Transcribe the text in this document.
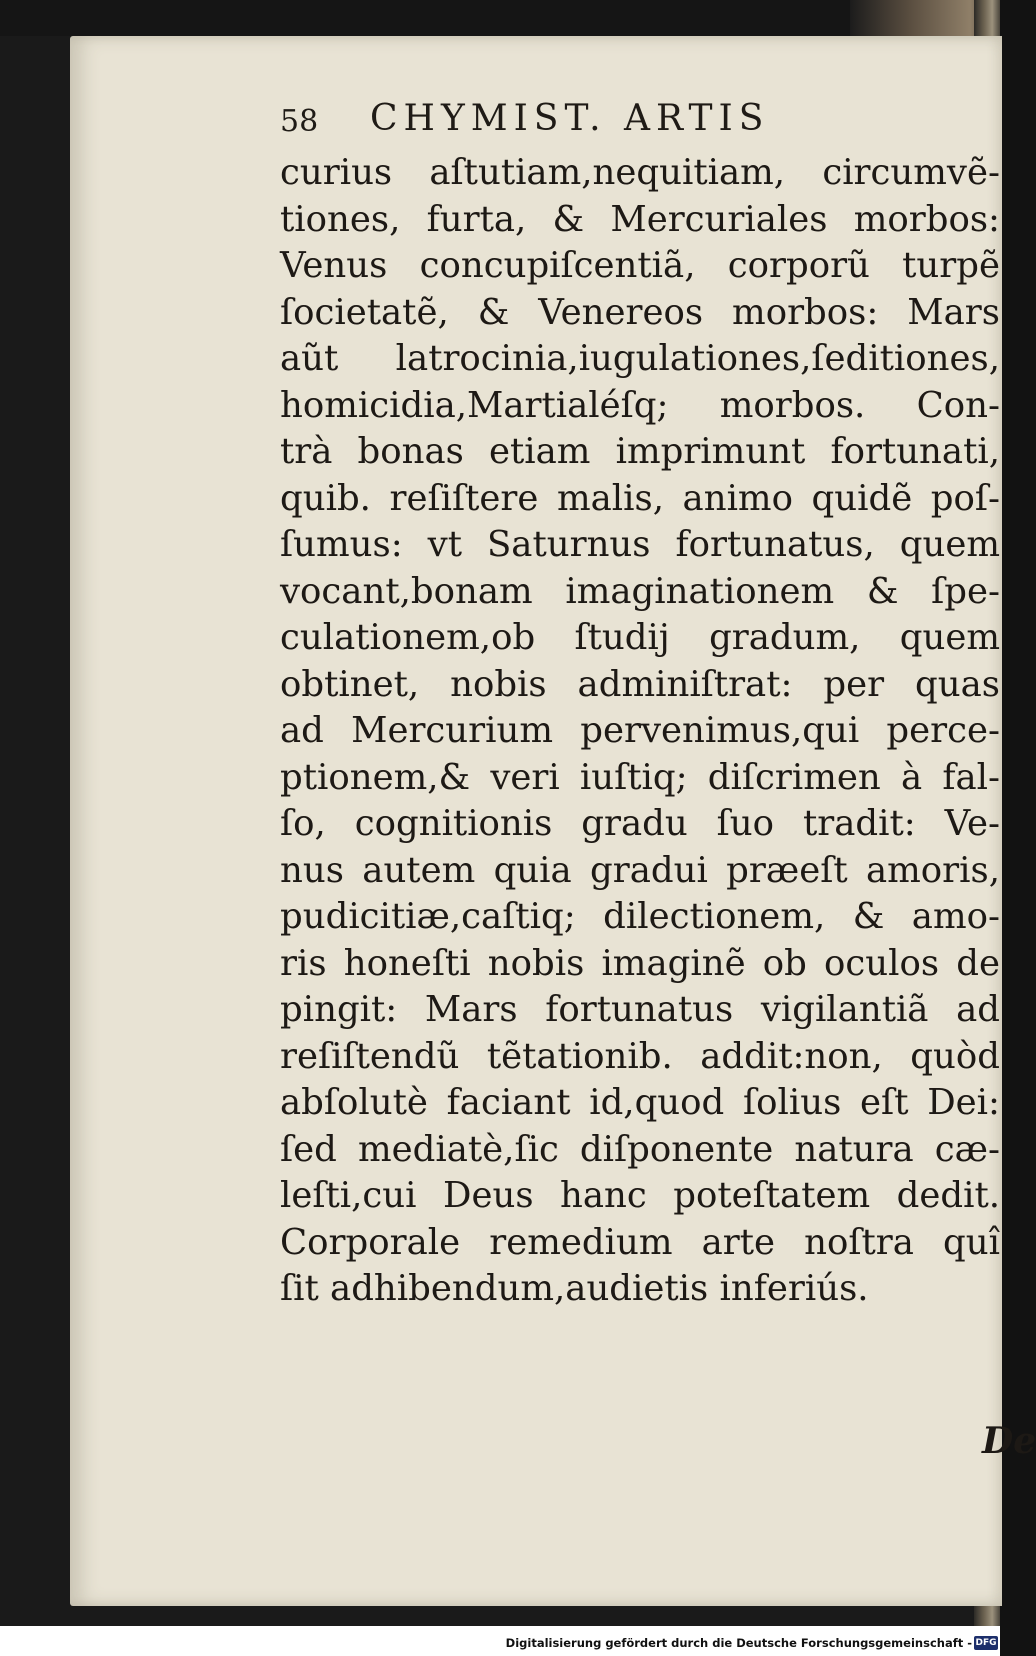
58 CHYMIST. ARTIS
curius aſtutiam,nequitiam, circumvẽ-
tiones, furta, & Mercuriales morbos:
Venus concupiſcentiã, corporũ turpẽ
ſocietatẽ, & Venereos morbos: Mars
aũt latrocinia,iugulationes,ſeditiones,
homicidia,Martialéſq; morbos. Con-
trà bonas etiam imprimunt fortunati,
quib. reſiſtere malis, animo quidẽ poſ-
ſumus: vt Saturnus fortunatus, quem
vocant,bonam imaginationem & ſpe-
culationem,ob ſtudij gradum, quem
obtinet, nobis adminiſtrat: per quas
ad Mercurium pervenimus,qui perce-
ptionem,& veri iuſtiq; diſcrimen à fal-
ſo, cognitionis gradu ſuo tradit: Ve-
nus autem quia gradui præeſt amoris,
pudicitiæ,caſtiq; dilectionem, & amo-
ris honeſti nobis imaginẽ ob oculos de
pingit: Mars fortunatus vigilantiã ad
reſiſtendũ tẽtationib. addit:non, quòd
abſolutè faciant id,quod ſolius eſt Dei:
ſed mediatè,ſic diſponente natura cæ-
leſti,cui Deus hanc poteſtatem dedit.
Corporale remedium arte noſtra quî
ſit adhibendum,audietis inferiús.
De
Digitalisierung gefördert durch die Deutsche Forschungsgemeinschaft - DFG
